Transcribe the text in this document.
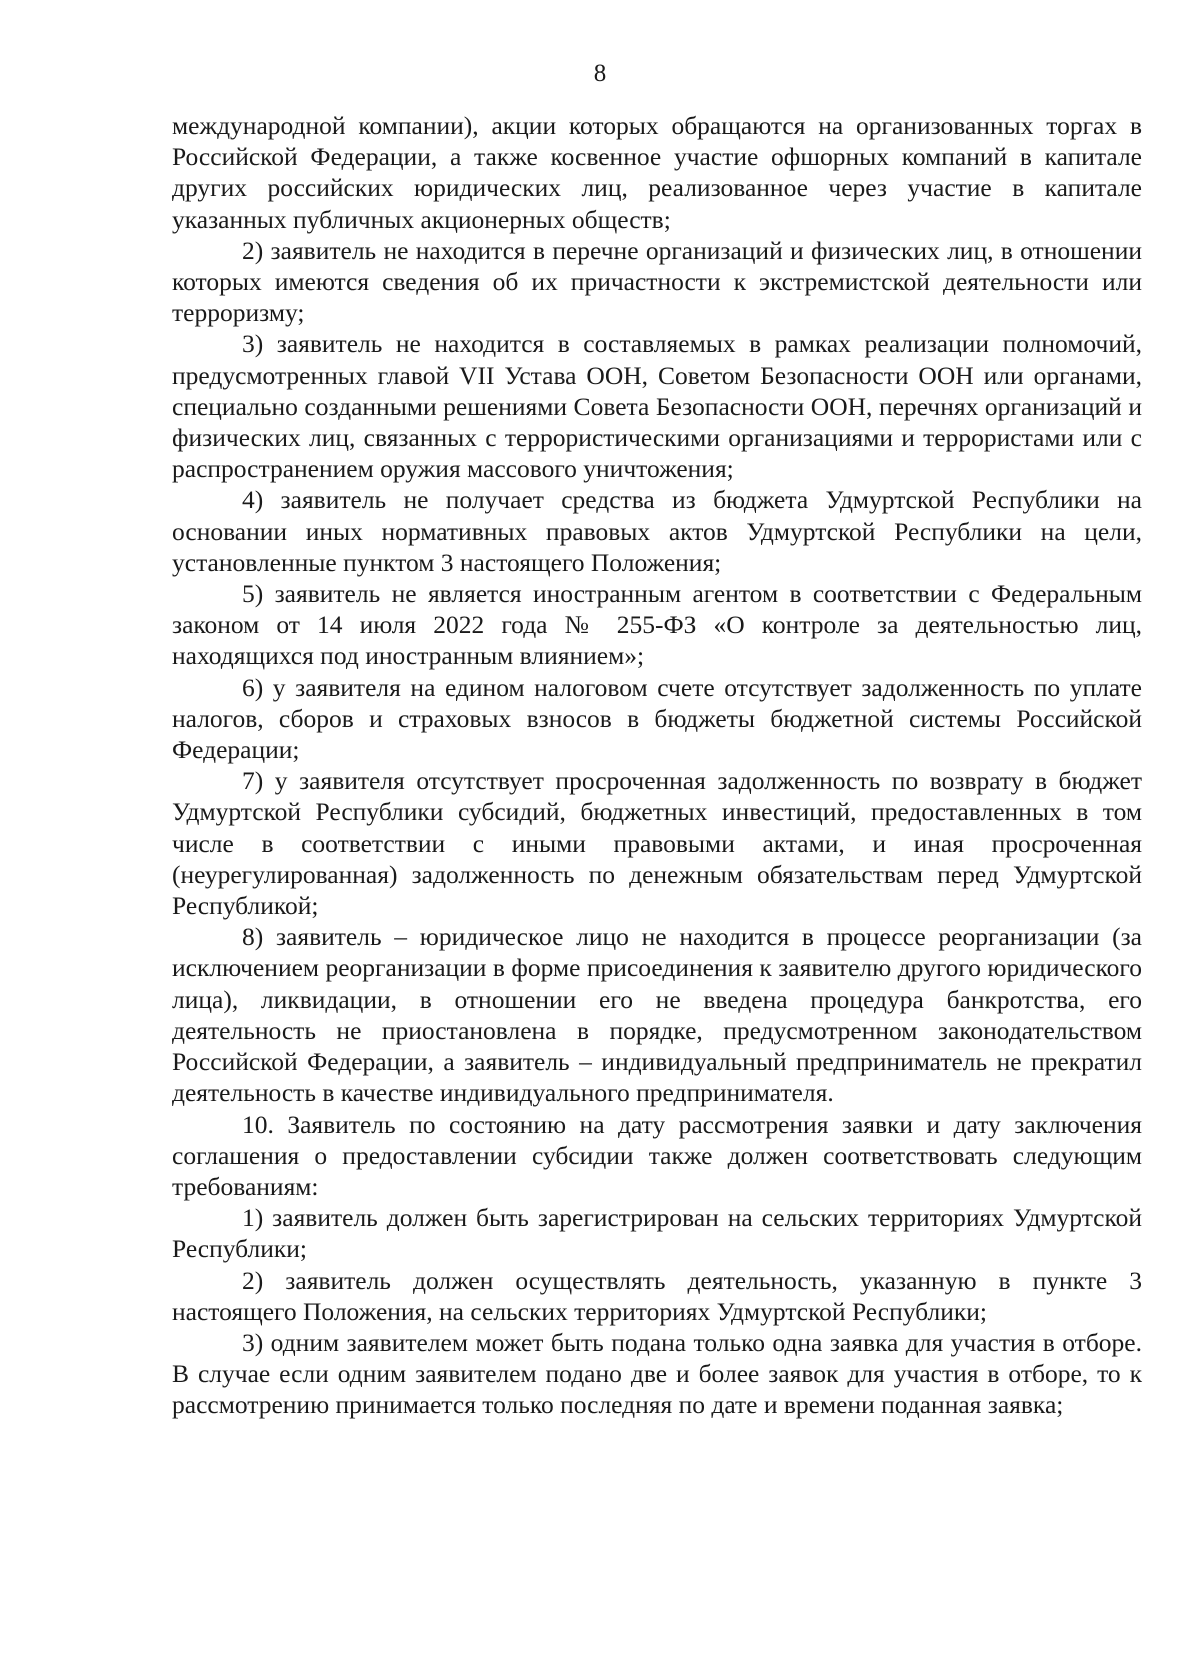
8

международной компании), акции которых обращаются на организованных торгах в Российской Федерации, а также косвенное участие офшорных компаний в капитале других российских юридических лиц, реализованное через участие в капитале указанных публичных акционерных обществ;

2) заявитель не находится в перечне организаций и физических лиц, в отношении которых имеются сведения об их причастности к экстремистской деятельности или терроризму;

3) заявитель не находится в составляемых в рамках реализации полномочий, предусмотренных главой VII Устава ООН, Советом Безопасности ООН или органами, специально созданными решениями Совета Безопасности ООН, перечнях организаций и физических лиц, связанных с террористическими организациями и террористами или с распространением оружия массового уничтожения;

4) заявитель не получает средства из бюджета Удмуртской Республики на основании иных нормативных правовых актов Удмуртской Республики на цели, установленные пунктом 3 настоящего Положения;

5) заявитель не является иностранным агентом в соответствии с Федеральным законом от 14 июля 2022 года № 255-ФЗ «О контроле за деятельностью лиц, находящихся под иностранным влиянием»;

6) у заявителя на едином налоговом счете отсутствует задолженность по уплате налогов, сборов и страховых взносов в бюджеты бюджетной системы Российской Федерации;

7) у заявителя отсутствует просроченная задолженность по возврату в бюджет Удмуртской Республики субсидий, бюджетных инвестиций, предоставленных в том числе в соответствии с иными правовыми актами, и иная просроченная (неурегулированная) задолженность по денежным обязательствам перед Удмуртской Республикой;

8) заявитель – юридическое лицо не находится в процессе реорганизации (за исключением реорганизации в форме присоединения к заявителю другого юридического лица), ликвидации, в отношении его не введена процедура банкротства, его деятельность не приостановлена в порядке, предусмотренном законодательством Российской Федерации, а заявитель – индивидуальный предприниматель не прекратил деятельность в качестве индивидуального предпринимателя.

10. Заявитель по состоянию на дату рассмотрения заявки и дату заключения соглашения о предоставлении субсидии также должен соответствовать следующим требованиям:

1) заявитель должен быть зарегистрирован на сельских территориях Удмуртской Республики;

2) заявитель должен осуществлять деятельность, указанную в пункте 3 настоящего Положения, на сельских территориях Удмуртской Республики;

3) одним заявителем может быть подана только одна заявка для участия в отборе. В случае если одним заявителем подано две и более заявок для участия в отборе, то к рассмотрению принимается только последняя по дате и времени поданная заявка;
